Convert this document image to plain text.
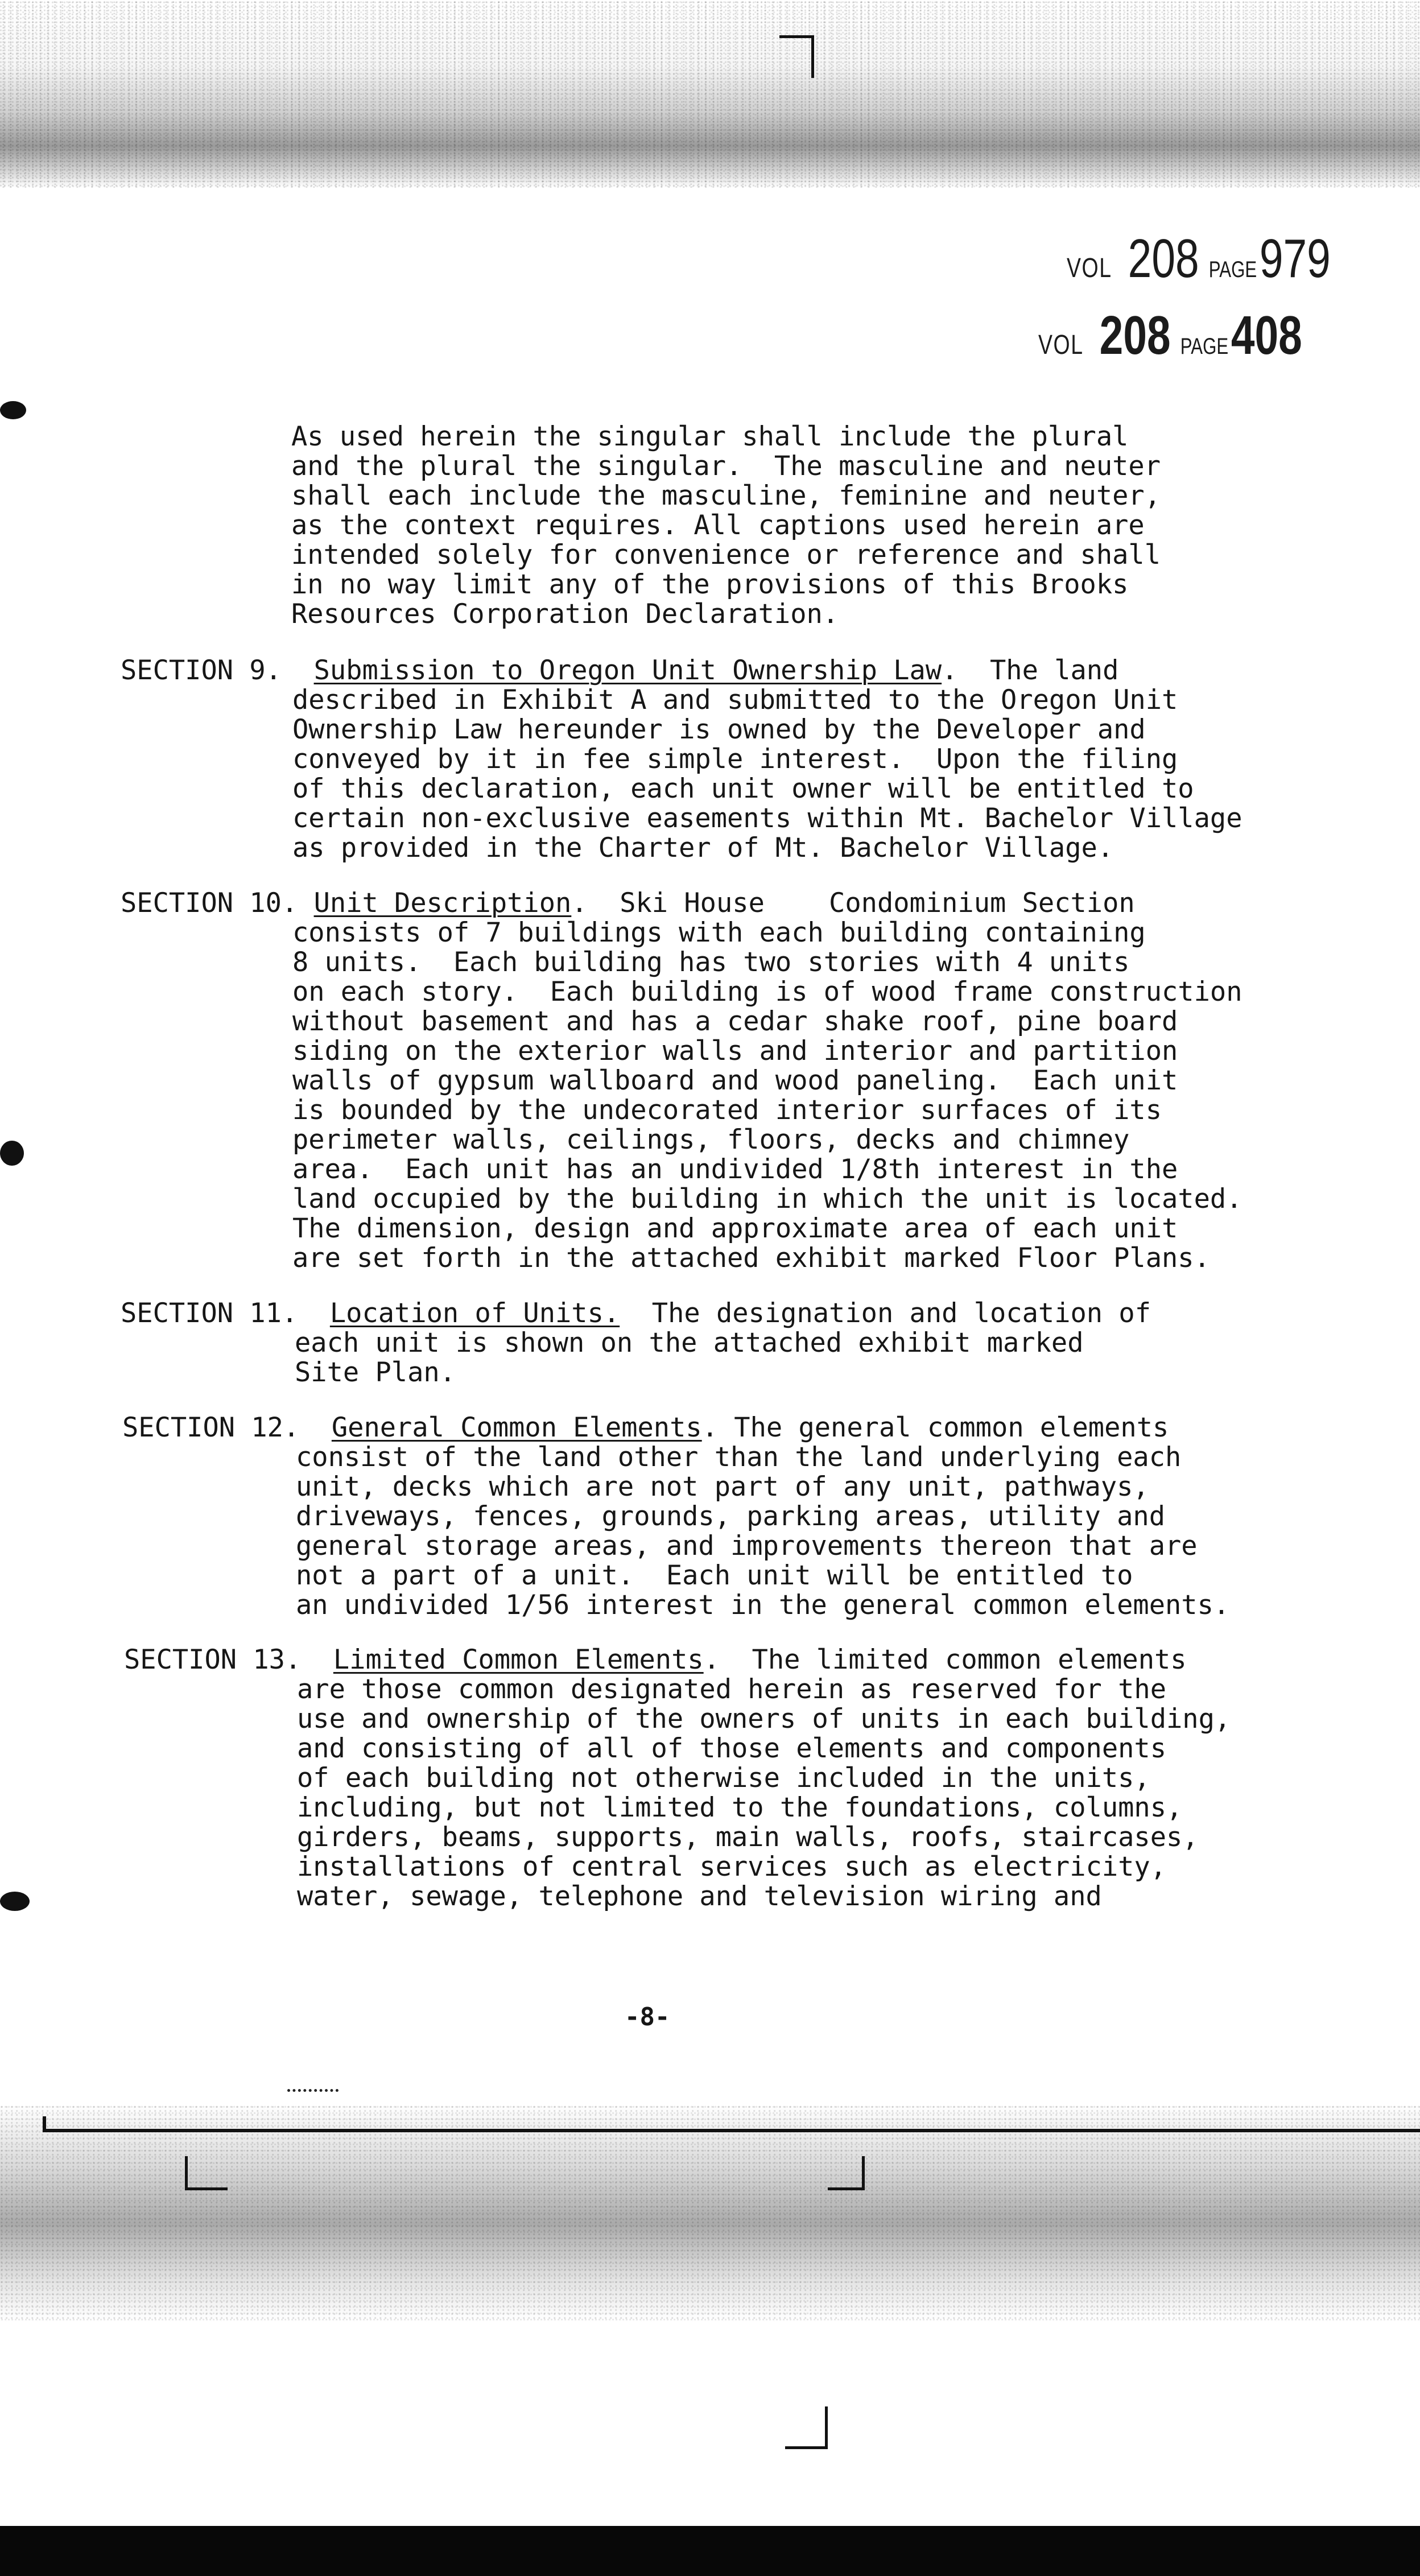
VOL 208 PAGE979
VOL 208 PAGE408

As used herein the singular shall include the plural

and the plural the singular.  The masculine and neuter

shall each include the masculine, feminine and neuter,

as the context requires. All captions used herein are

intended solely for convenience or reference and shall

in no way limit any of the provisions of this Brooks

Resources Corporation Declaration.

SECTION 9. Submission to Oregon Unit Ownership Law.  The land

described in Exhibit A and submitted to the Oregon Unit

Ownership Law hereunder is owned by the Developer and

conveyed by it in fee simple interest.  Upon the filing

of this declaration, each unit owner will be entitled to

certain non-exclusive easements within Mt. Bachelor Village

as provided in the Charter of Mt. Bachelor Village.

SECTION 10. Unit Description.  Ski House    Condominium Section

consists of 7 buildings with each building containing

8 units.  Each building has two stories with 4 units

on each story.  Each building is of wood frame construction

without basement and has a cedar shake roof, pine board

siding on the exterior walls and interior and partition

walls of gypsum wallboard and wood paneling.  Each unit

is bounded by the undecorated interior surfaces of its

perimeter walls, ceilings, floors, decks and chimney

area.  Each unit has an undivided 1/8th interest in the

land occupied by the building in which the unit is located.

The dimension, design and approximate area of each unit

are set forth in the attached exhibit marked Floor Plans.

SECTION 11. Location of Units.  The designation and location of

each unit is shown on the attached exhibit marked

Site Plan.

SECTION 12. General Common Elements. The general common elements

consist of the land other than the land underlying each

unit, decks which are not part of any unit, pathways,

driveways, fences, grounds, parking areas, utility and

general storage areas, and improvements thereon that are

not a part of a unit.  Each unit will be entitled to

an undivided 1/56 interest in the general common elements.

SECTION 13. Limited Common Elements.  The limited common elements

are those common designated herein as reserved for the

use and ownership of the owners of units in each building,

and consisting of all of those elements and components

of each building not otherwise included in the units,

including, but not limited to the foundations, columns,

girders, beams, supports, main walls, roofs, staircases,

installations of central services such as electricity,

water, sewage, telephone and television wiring and

-8-
